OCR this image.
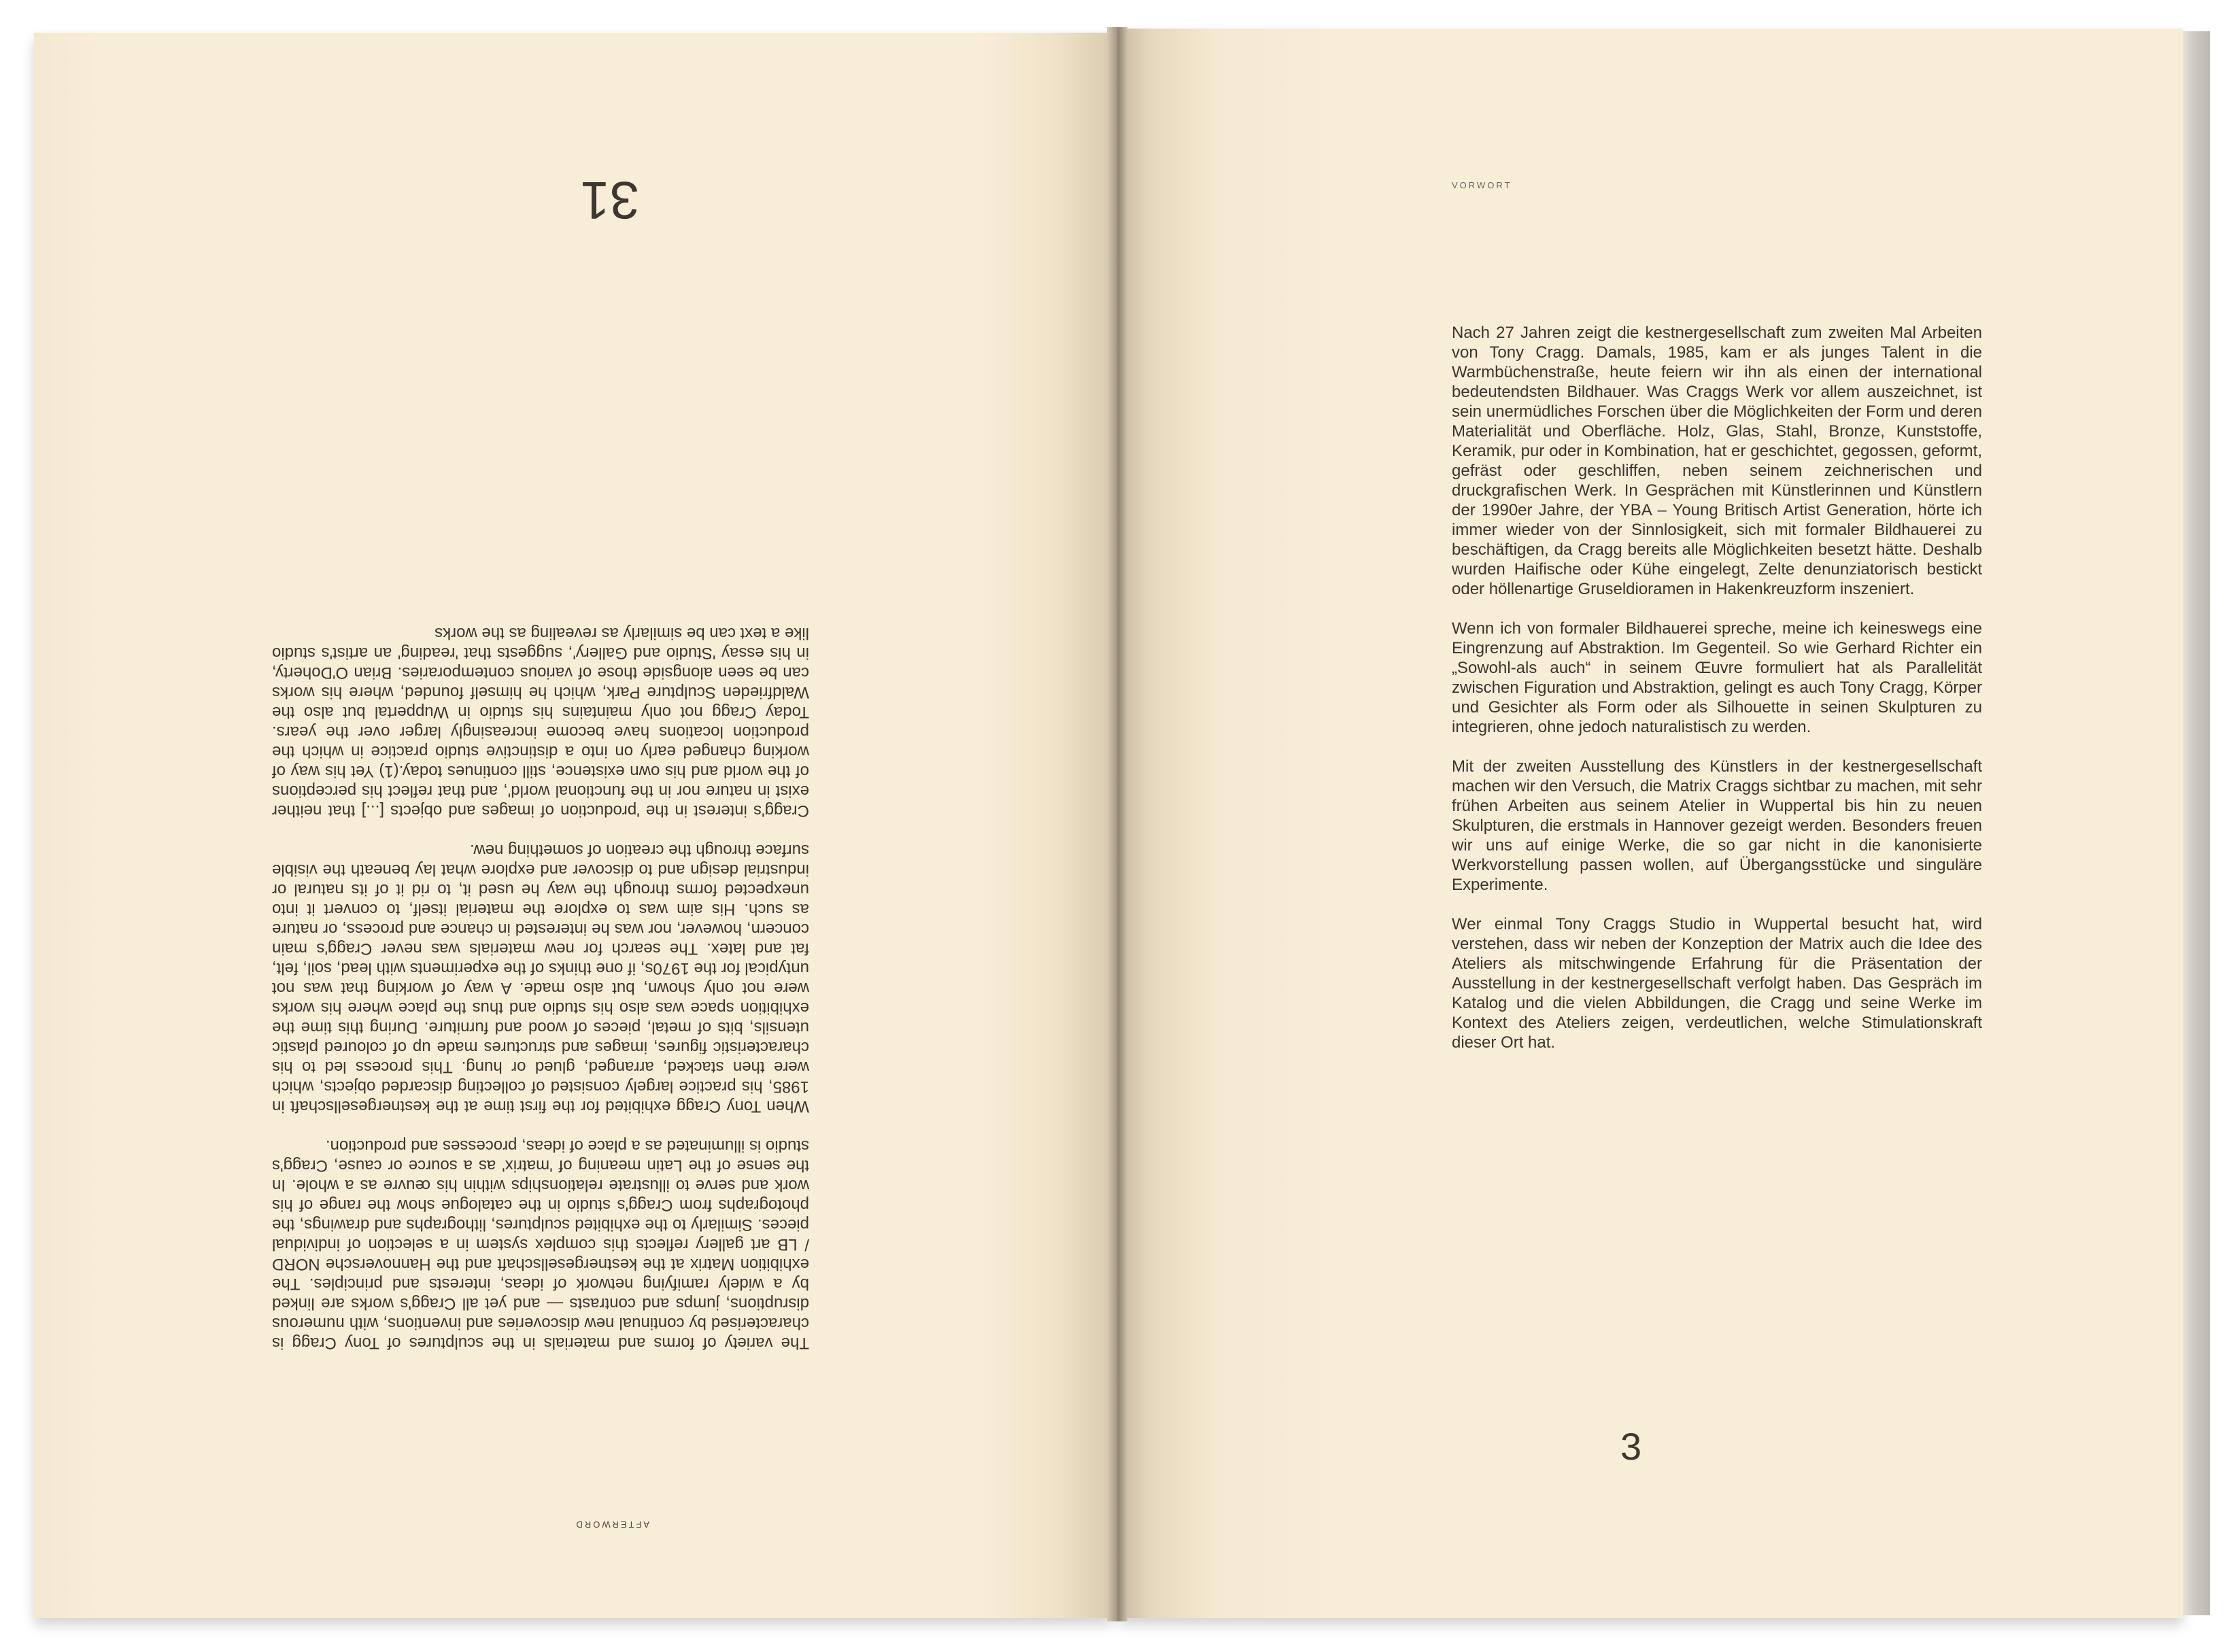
AFTERWORD

The variety of forms and materials in the sculptures of Tony Cragg is characterised by continual new discoveries and inventions, with numerous disruptions, jumps and contrasts — and yet all Cragg's works are linked by a widely ramifying network of ideas, interests and principles. The exhibition Matrix at the kestnergesellschaft and the Hannoversche NORD / LB art gallery reflects this complex system in a selection of individual pieces. Similarly to the exhibited sculptures, lithographs and drawings, the photographs from Cragg's studio in the catalogue show the range of his work and serve to illustrate relationships within his œuvre as a whole. In the sense of the Latin meaning of 'matrix' as a source or cause, Cragg's studio is illuminated as a place of ideas, processes and production.

When Tony Cragg exhibited for the first time at the kestnergesellschaft in 1985, his practice largely consisted of collecting discarded objects, which were then stacked, arranged, glued or hung. This process led to his characteristic figures, images and structures made up of coloured plastic utensils, bits of metal, pieces of wood and furniture. During this time the exhibition space was also his studio and thus the place where his works were not only shown, but also made. A way of working that was not untypical for the 1970s, if one thinks of the experiments with lead, soil, felt, fat and latex. The search for new materials was never Cragg's main concern, however, nor was he interested in chance and process, or nature as such. His aim was to explore the material itself, to convert it into unexpected forms through the way he used it, to rid it of its natural or industrial design and to discover and explore what lay beneath the visible surface through the creation of something new.

Cragg's interest in the 'production of images and objects [...] that neither exist in nature nor in the functional world', and that reflect his perceptions of the world and his own existence, still continues today.(1) Yet his way of working changed early on into a distinctive studio practice in which the production locations have become increasingly larger over the years. Today Cragg not only maintains his studio in Wuppertal but also the Waldfrieden Sculpture Park, which he himself founded, where his works can be seen alongside those of various contemporaries. Brian O'Doherty, in his essay 'Studio and Gallery', suggests that 'reading' an artist's studio like a text can be similarly as revealing as the works

31	VORWORT

Nach 27 Jahren zeigt die kestnergesellschaft zum zweiten Mal Arbeiten von Tony Cragg. Damals, 1985, kam er als junges Talent in die Warmbüchenstraße, heute feiern wir ihn als einen der international bedeutendsten Bildhauer. Was Craggs Werk vor allem auszeichnet, ist sein unermüdliches Forschen über die Möglichkeiten der Form und deren Materialität und Oberfläche. Holz, Glas, Stahl, Bronze, Kunststoffe, Keramik, pur oder in Kombination, hat er geschichtet, gegossen, geformt, gefräst oder geschliffen, neben seinem zeichnerischen und druckgrafischen Werk. In Gesprächen mit Künstlerinnen und Künstlern der 1990er Jahre, der YBA – Young Britisch Artist Generation, hörte ich immer wieder von der Sinnlosigkeit, sich mit formaler Bildhauerei zu beschäftigen, da Cragg bereits alle Möglichkeiten besetzt hätte. Deshalb wurden Haifische oder Kühe eingelegt, Zelte denunziatorisch bestickt oder höllenartige Gruseldioramen in Hakenkreuzform inszeniert.

Wenn ich von formaler Bildhauerei spreche, meine ich keineswegs eine Eingrenzung auf Abstraktion. Im Gegenteil. So wie Gerhard Richter ein „Sowohl-als auch“ in seinem Œuvre formuliert hat als Parallelität zwischen Figuration und Abstraktion, gelingt es auch Tony Cragg, Körper und Gesichter als Form oder als Silhouette in seinen Skulpturen zu integrieren, ohne jedoch naturalistisch zu werden.

Mit der zweiten Ausstellung des Künstlers in der kestnergesellschaft machen wir den Versuch, die Matrix Craggs sichtbar zu machen, mit sehr frühen Arbeiten aus seinem Atelier in Wuppertal bis hin zu neuen Skulpturen, die erstmals in Hannover gezeigt werden. Besonders freuen wir uns auf einige Werke, die so gar nicht in die kanonisierte Werkvorstellung passen wollen, auf Übergangsstücke und singuläre Experimente.

Wer einmal Tony Craggs Studio in Wuppertal besucht hat, wird verstehen, dass wir neben der Konzeption der Matrix auch die Idee des Ateliers als mitschwingende Erfahrung für die Präsentation der Ausstellung in der kestnergesellschaft verfolgt haben. Das Gespräch im Katalog und die vielen Abbildungen, die Cragg und seine Werke im Kontext des Ateliers zeigen, verdeutlichen, welche Stimulationskraft dieser Ort hat.

3
